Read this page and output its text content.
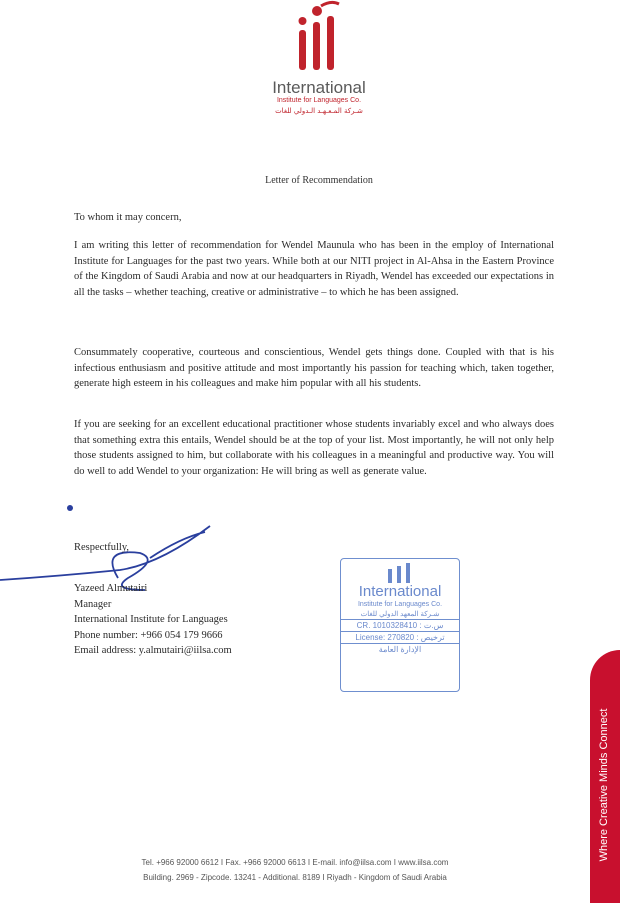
International
Institute for Languages Co.
شـركة المـعـهـد الـدولي للغات
Letter of Recommendation
To whom it may concern,
I am writing this letter of recommendation for Wendel Maunula who has been in the employ of International Institute for Languages for the past two years. While both at our NITI project in Al-Ahsa in the Eastern Province of the Kingdom of Saudi Arabia and now at our headquarters in Riyadh, Wendel has exceeded our expectations in all the tasks – whether teaching, creative or administrative – to which he has been assigned.
Consummately cooperative, courteous and conscientious, Wendel gets things done. Coupled with that is his infectious enthusiasm and positive attitude and most importantly his passion for teaching which, taken together, generate high esteem in his colleagues and make him popular with all his students.
If you are seeking for an excellent educational practitioner whose students invariably excel and who always does that something extra this entails, Wendel should be at the top of your list. Most importantly, he will not only help those students assigned to him, but collaborate with his colleagues in a meaningful and productive way. You will do well to add Wendel to your organization: He will bring as well as generate value.
Respectfully,
Yazeed Almutairi
Manager
International Institute for Languages
Phone number: +966 054 179 9666
Email address: y.almutairi@iilsa.com
International
Institute for Languages Co.
شـركة المعهد الدولي للغات
CR. 1010328410 : س.ت
License: 270820 : ترخيص
الإدارة العامة
Where Creative Minds Connect
Tel. +966 92000 6612 I Fax. +966 92000 6613 I E-mail. info@iilsa.com I www.iilsa.com
Building. 2969 - Zipcode. 13241 - Additional. 8189 I Riyadh - Kingdom of Saudi Arabia
